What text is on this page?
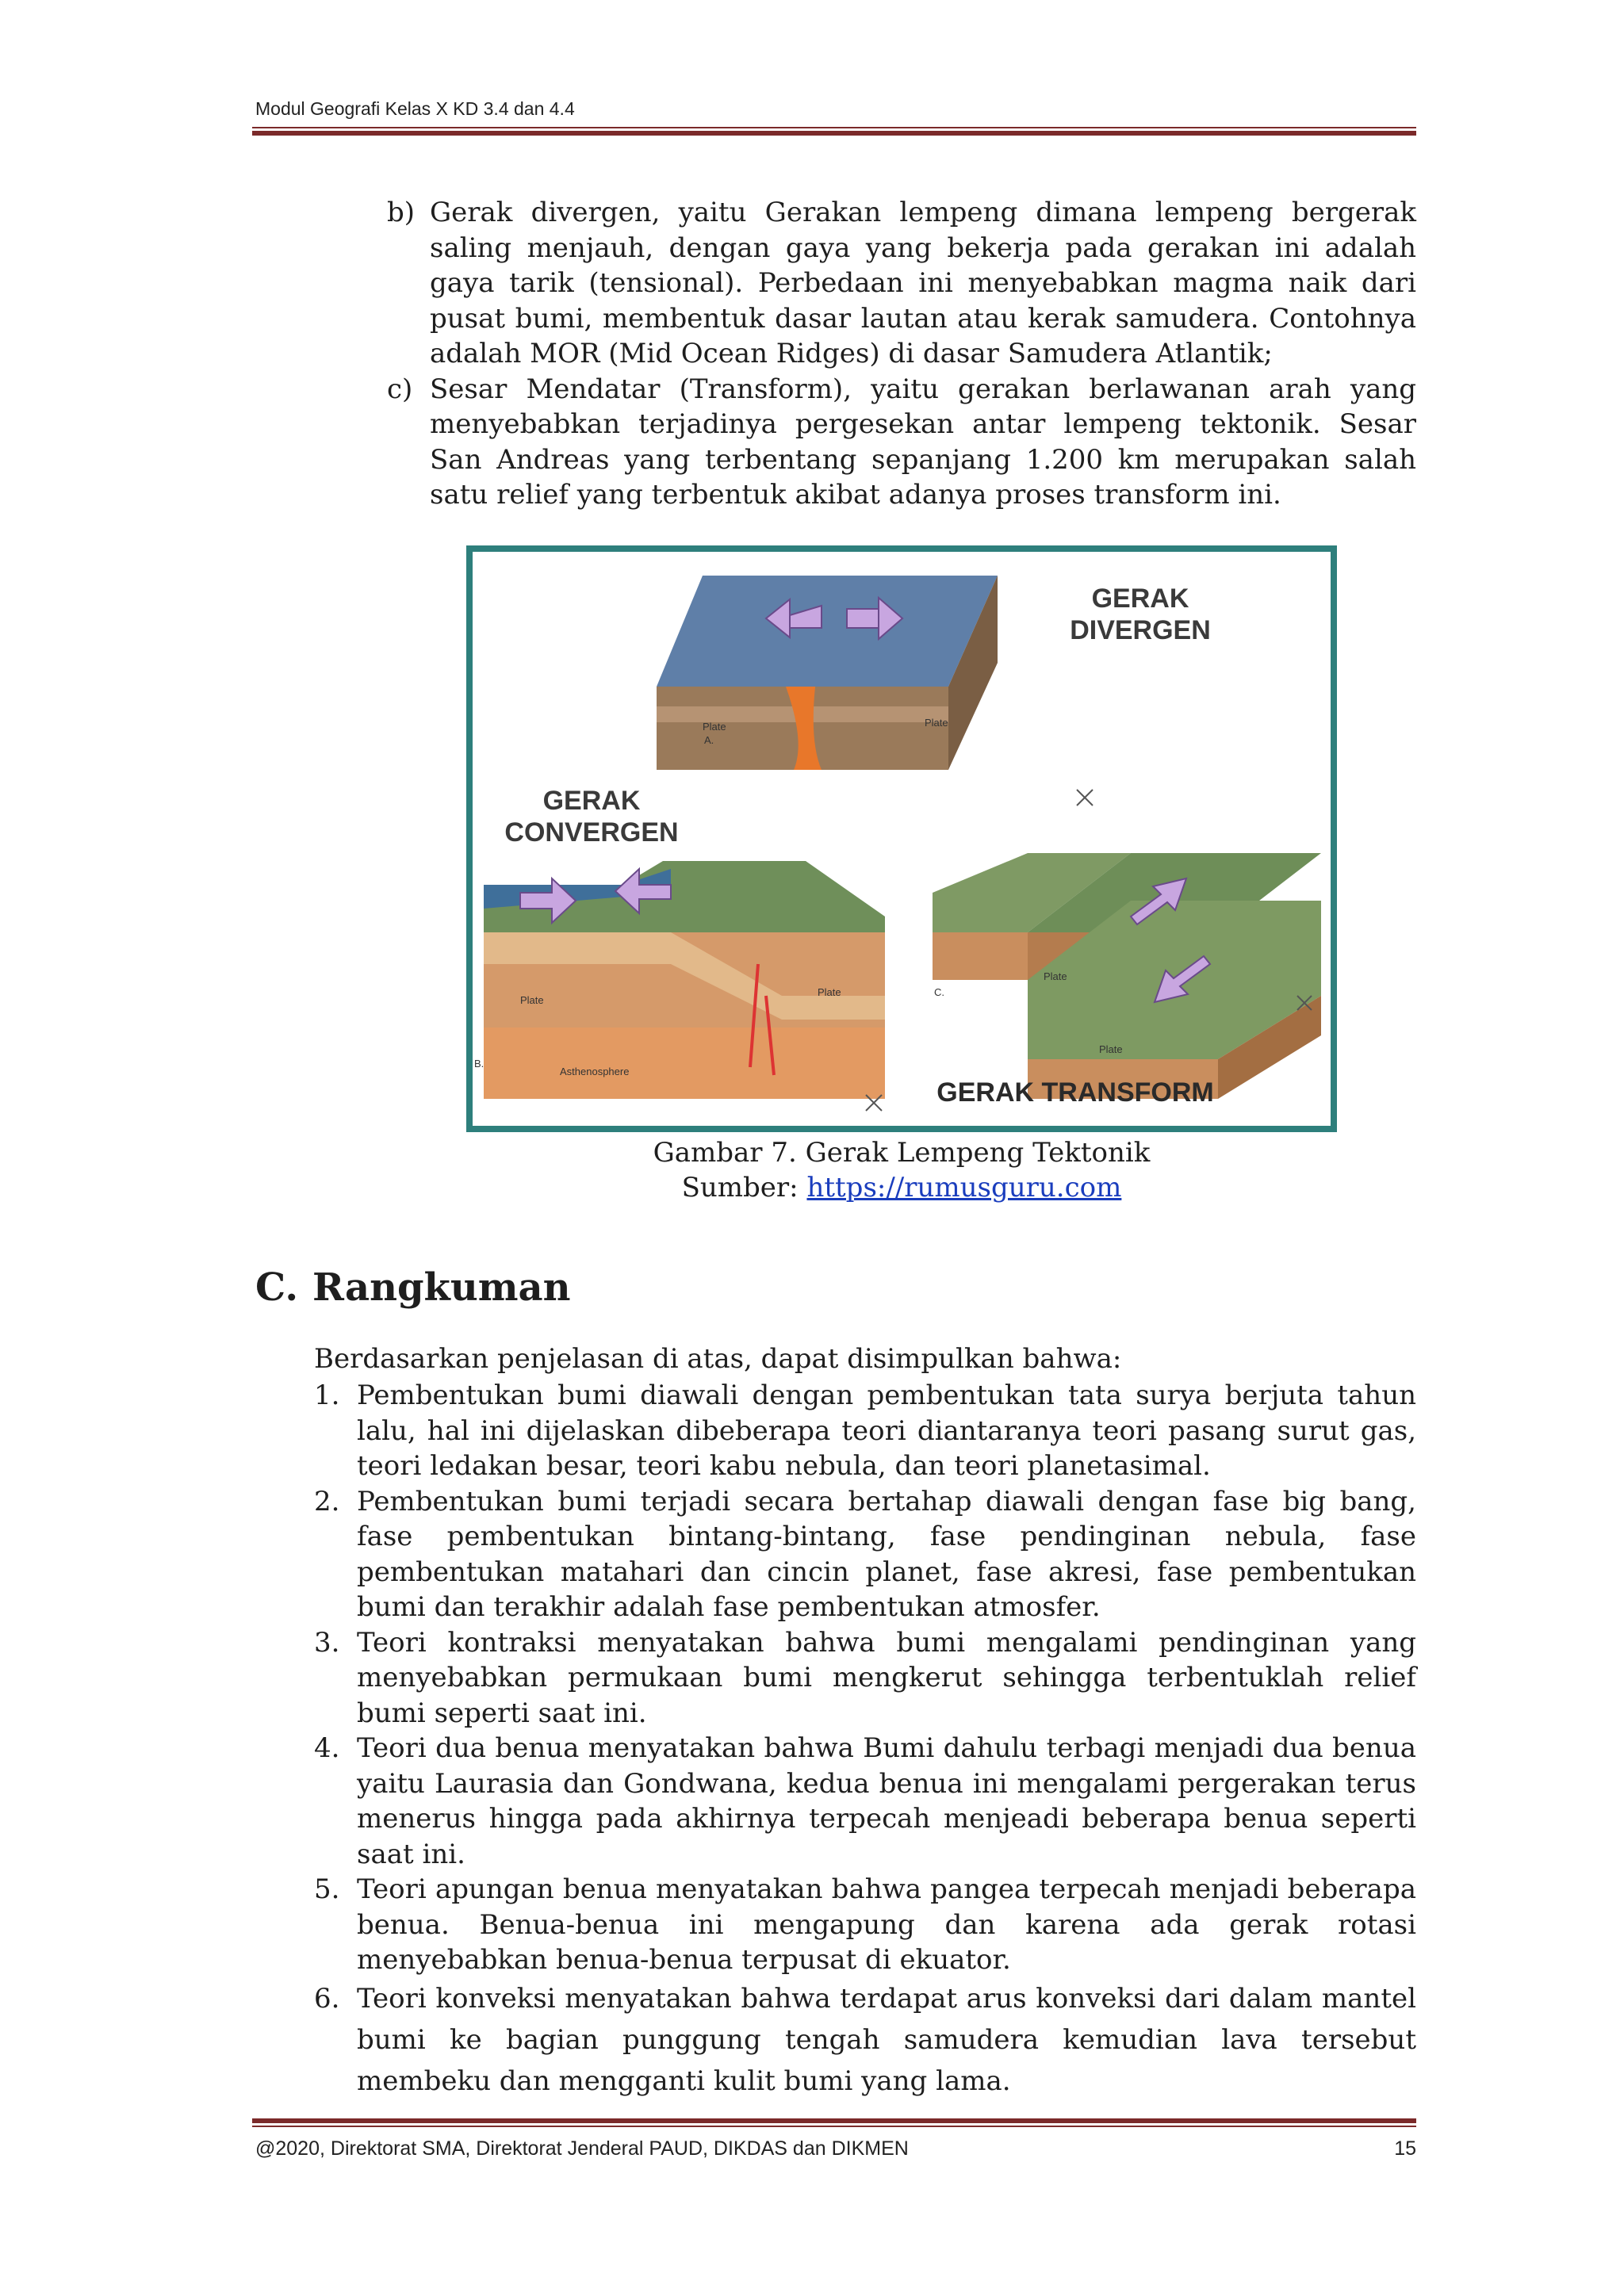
Modul Geografi Kelas X KD 3.4 dan 4.4
b) Gerak divergen, yaitu Gerakan lempeng dimana lempeng bergerak saling menjauh, dengan gaya yang bekerja pada gerakan ini adalah gaya tarik (tensional). Perbedaan ini menyebabkan magma naik dari pusat bumi, membentuk dasar lautan atau kerak samudera. Contohnya adalah MOR (Mid Ocean Ridges) di dasar Samudera Atlantik;
c) Sesar Mendatar (Transform), yaitu gerakan berlawanan arah yang menyebabkan terjadinya pergesekan antar lempeng tektonik. Sesar San Andreas yang terbentang sepanjang 1.200 km merupakan salah satu relief yang terbentuk akibat adanya proses transform ini.
Plate	Plate
A.
GERAK
DIVERGEN
GERAK
CONVERGEN
Plate
Plate
Asthenosphere
B.
Plate
Plate
C.
GERAK TRANSFORM
Gambar 7. Gerak Lempeng Tektonik
Sumber: https://rumusguru.com
C. Rangkuman
Berdasarkan penjelasan di atas, dapat disimpulkan bahwa:
1. Pembentukan bumi diawali dengan pembentukan tata surya berjuta tahun lalu, hal ini dijelaskan dibeberapa teori diantaranya teori pasang surut gas, teori ledakan besar, teori kabu nebula, dan teori planetasimal.
2. Pembentukan bumi terjadi secara bertahap diawali dengan fase big bang, fase pembentukan bintang-bintang, fase pendinginan nebula, fase pembentukan matahari dan cincin planet, fase akresi, fase pembentukan bumi dan terakhir adalah fase pembentukan atmosfer.
3. Teori kontraksi menyatakan bahwa bumi mengalami pendinginan yang menyebabkan permukaan bumi mengkerut sehingga terbentuklah relief bumi seperti saat ini.
4. Teori dua benua menyatakan bahwa Bumi dahulu terbagi menjadi dua benua yaitu Laurasia dan Gondwana, kedua benua ini mengalami pergerakan terus menerus hingga pada akhirnya terpecah menjeadi beberapa benua seperti saat ini.
5. Teori apungan benua menyatakan bahwa pangea terpecah menjadi beberapa benua. Benua-benua ini mengapung dan karena ada gerak rotasi menyebabkan benua-benua terpusat di ekuator.
6. Teori konveksi menyatakan bahwa terdapat arus konveksi dari dalam mantel bumi ke bagian punggung tengah samudera kemudian lava tersebut membeku dan mengganti kulit bumi yang lama.
@2020, Direktorat SMA, Direktorat Jenderal PAUD, DIKDAS dan DIKMEN	15
